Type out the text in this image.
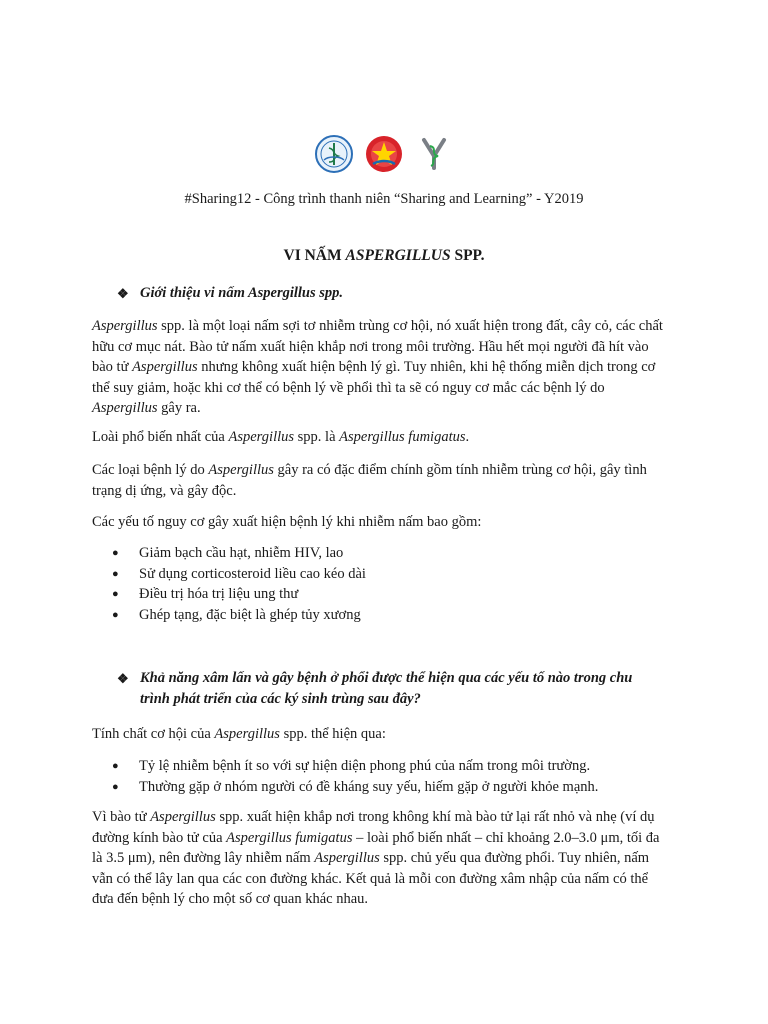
#Sharing12 - Công trình thanh niên “Sharing and Learning” - Y2019
VI NẤM ASPERGILLUS SPP.
❖ Giới thiệu vi nấm Aspergillus spp.

Aspergillus spp. là một loại nấm sợi tơ nhiễm trùng cơ hội, nó xuất hiện trong đất, cây cỏ, các chất hữu cơ mục nát. Bào tử nấm xuất hiện khắp nơi trong môi trường. Hầu hết mọi người đã hít vào bào tử Aspergillus nhưng không xuất hiện bệnh lý gì. Tuy nhiên, khi hệ thống miễn dịch trong cơ thể suy giảm, hoặc khi cơ thể có bệnh lý về phổi thì ta sẽ có nguy cơ mắc các bệnh lý do Aspergillus gây ra.

Loài phổ biến nhất của Aspergillus spp. là Aspergillus fumigatus.

Các loại bệnh lý do Aspergillus gây ra có đặc điểm chính gồm tính nhiễm trùng cơ hội, gây tình trạng dị ứng, và gây độc.

Các yếu tố nguy cơ gây xuất hiện bệnh lý khi nhiễm nấm bao gồm:

● Giảm bạch cầu hạt, nhiễm HIV, lao
● Sử dụng corticosteroid liều cao kéo dài
● Điều trị hóa trị liệu ung thư
● Ghép tạng, đặc biệt là ghép tủy xương
❖ Khả năng xâm lấn và gây bệnh ở phổi được thể hiện qua các yếu tố nào trong chu trình phát triển của các ký sinh trùng sau đây?

Tính chất cơ hội của Aspergillus spp. thể hiện qua:

● Tỷ lệ nhiễm bệnh ít so với sự hiện diện phong phú của nấm trong môi trường.
● Thường gặp ở nhóm người có đề kháng suy yếu, hiếm gặp ở người khỏe mạnh.

Vì bào tử Aspergillus spp. xuất hiện khắp nơi trong không khí mà bào tử lại rất nhỏ và nhẹ (ví dụ đường kính bào tử của Aspergillus fumigatus – loài phổ biến nhất – chỉ khoảng 2.0–3.0 μm, tối đa là 3.5 μm), nên đường lây nhiễm nấm Aspergillus spp. chủ yếu qua đường phổi. Tuy nhiên, nấm vẫn có thể lây lan qua các con đường khác. Kết quả là mỗi con đường xâm nhập của nấm có thể đưa đến bệnh lý cho một số cơ quan khác nhau.
